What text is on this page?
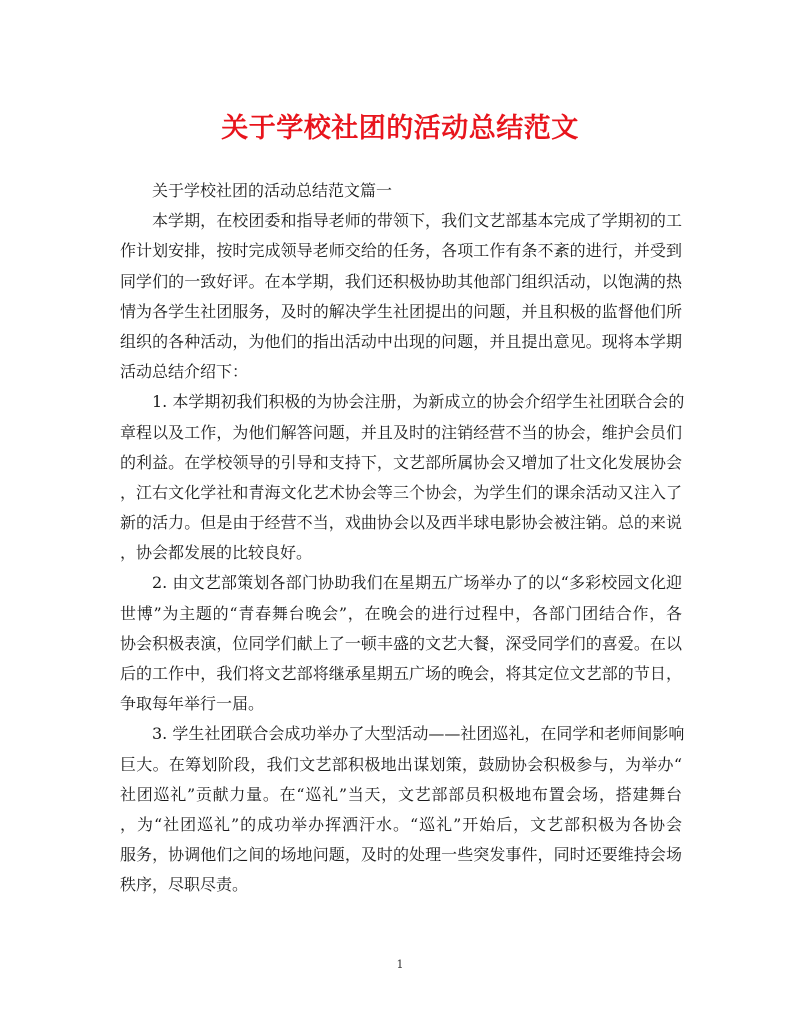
关于学校社团的活动总结范文
关于学校社团的活动总结范文篇一
本学期，在校团委和指导老师的带领下，我们文艺部基本完成了学期初的工
作计划安排，按时完成领导老师交给的任务，各项工作有条不紊的进行，并受到
同学们的一致好评。在本学期，我们还积极协助其他部门组织活动，以饱满的热
情为各学生社团服务，及时的解决学生社团提出的问题，并且积极的监督他们所
组织的各种活动，为他们的指出活动中出现的问题，并且提出意见。现将本学期
活动总结介绍下：
1. 本学期初我们积极的为协会注册，为新成立的协会介绍学生社团联合会的
章程以及工作，为他们解答问题，并且及时的注销经营不当的协会，维护会员们
的利益。在学校领导的引导和支持下，文艺部所属协会又增加了壮文化发展协会
，江右文化学社和青海文化艺术协会等三个协会，为学生们的课余活动又注入了
新的活力。但是由于经营不当，戏曲协会以及西半球电影协会被注销。总的来说
，协会都发展的比较良好。
2. 由文艺部策划各部门协助我们在星期五广场举办了的以“多彩校园文化迎
世博”为主题的“青春舞台晚会”，在晚会的进行过程中，各部门团结合作，各
协会积极表演，位同学们献上了一顿丰盛的文艺大餐，深受同学们的喜爱。在以
后的工作中，我们将文艺部将继承星期五广场的晚会，将其定位文艺部的节日，
争取每年举行一届。
3. 学生社团联合会成功举办了大型活动——社团巡礼，在同学和老师间影响
巨大。在筹划阶段，我们文艺部积极地出谋划策，鼓励协会积极参与，为举办“
社团巡礼”贡献力量。在“巡礼”当天，文艺部部员积极地布置会场，搭建舞台
，为“社团巡礼”的成功举办挥洒汗水。“巡礼”开始后，文艺部积极为各协会
服务，协调他们之间的场地问题，及时的处理一些突发事件，同时还要维持会场
秩序，尽职尽责。
1
